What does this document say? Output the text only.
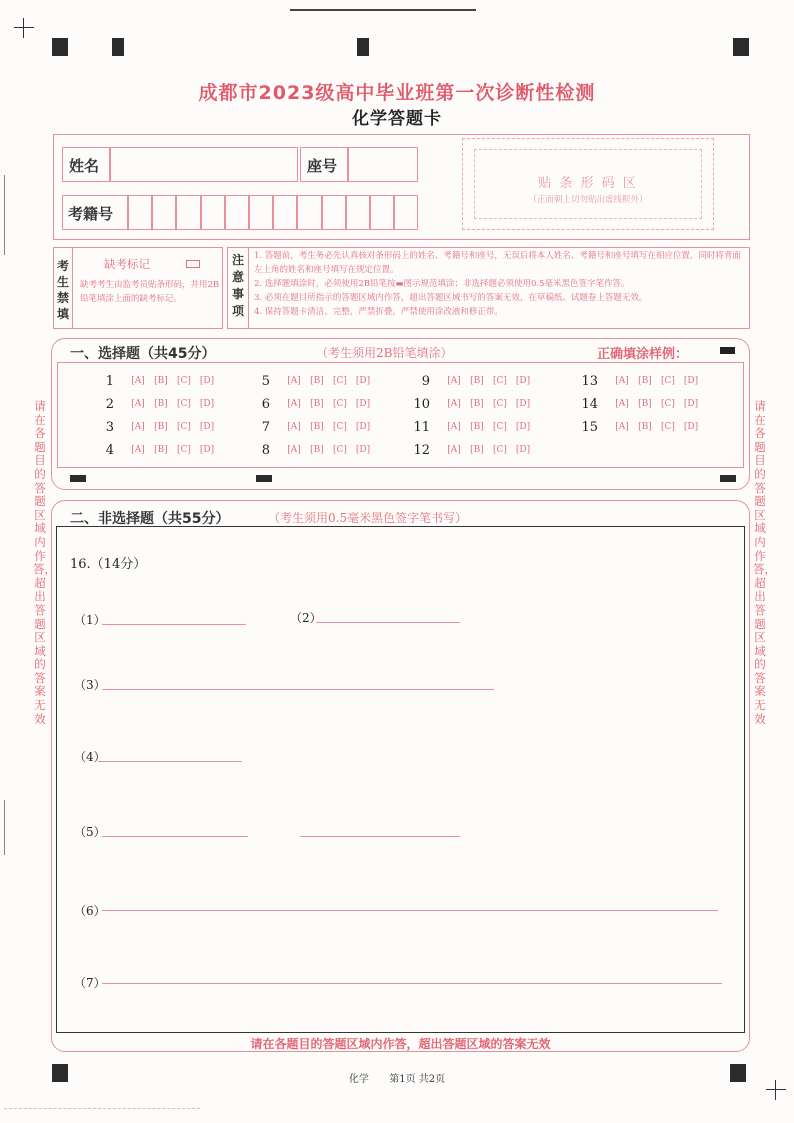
成都市2023级高中毕业班第一次诊断性检测
化学答题卡
姓名	座号
考籍号
贴 条 形 码 区
（正面朝上切勿贴出虚线框外）
考生禁填
缺考标记
缺考考生由监考员贴条形码，并用2B铅笔填涂上面的缺考标记。
注意事项
1. 答题前，考生务必先认真核对条形码上的姓名、考籍号和座号，无误后将本人姓名、考籍号和座号填写在相应位置，同时将背面左上角的姓名和座号填写在规定位置。
2. 选择题填涂时，必须使用2B铅笔按▬图示规范填涂；非选择题必须使用0.5毫米黑色签字笔作答。
3. 必须在题目所指示的答题区域内作答，超出答题区域书写的答案无效，在草稿纸、试题卷上答题无效。
4. 保持答题卡清洁、完整，严禁折叠，严禁使用涂改液和修正带。
一、选择题（共45分）	（考生须用2B铅笔填涂）	正确填涂样例：
1	[A]	[B]	[C] [D]
2	[A]	[B]	[C] [D]
3	[A]	[B]	[C] [D]
4	[A]	[B]	[C] [D]
5	[A]	[B]	[C] [D]
6	[A]	[B]	[C] [D]
7	[A]	[B]	[C] [D]
8	[A]	[B]	[C] [D]
9	[A]	[B]	[C] [D]
10	[A]	[B]	[C] [D]
11	[A]	[B]	[C] [D]
12	[A]	[B]	[C] [D]
13	[A]	[B]	[C] [D]
14	[A]	[B]	[C] [D]
15	[A]	[B]	[C] [D]
二、非选择题（共55分）	（考生须用0.5毫米黑色签字笔书写）
16.（14分）
（1）	（2）
（3）
（4）
（5）
（6）
（7）
请在各题目的答题区域内作答，超出答题区域的答案无效
请在各题目的答题区域内作答，超出答题区域的答案无效
请在各题目的答题区域内作答，超出答题区域的答案无效
化学 第1页 共2页
